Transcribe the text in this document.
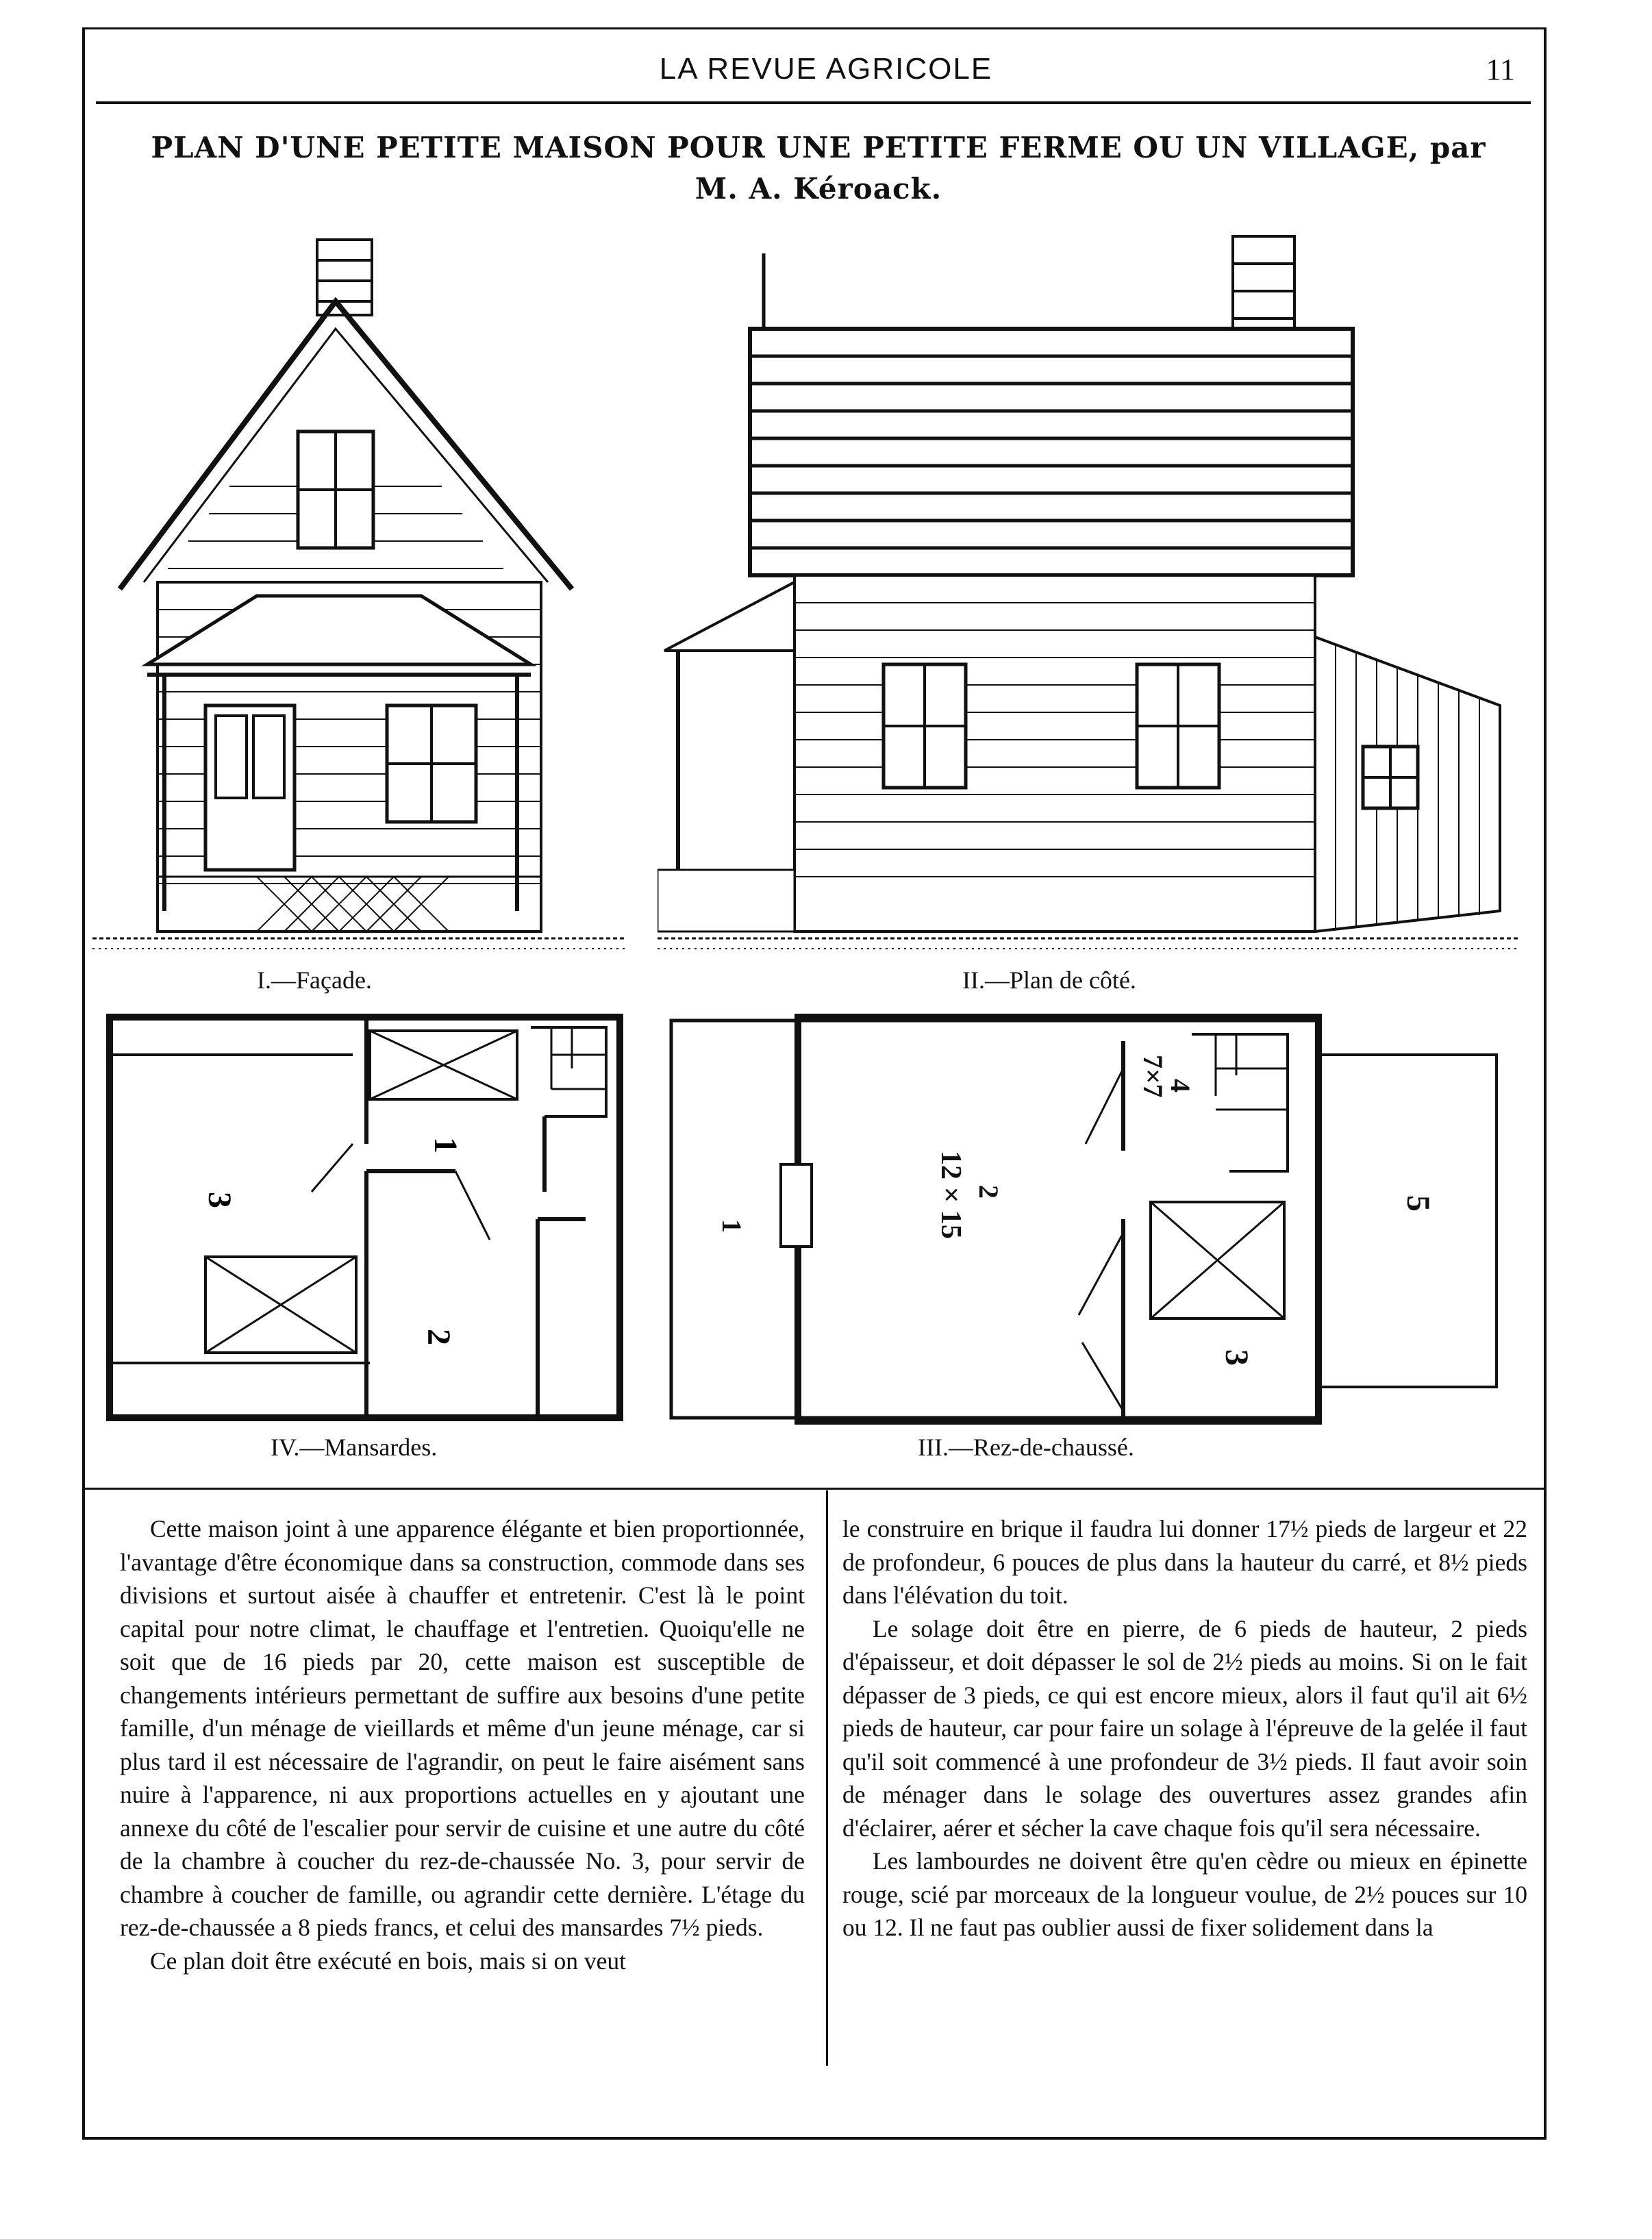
LA REVUE AGRICOLE	11
PLAN D'UNE PETITE MAISON POUR UNE PETITE FERME OU UN VILLAGE, par M. A. Kéroack.
I.—Façade.	II.—Plan de côté.
1
2
3
1	12 × 15 2
7×7
4
3
5
IV.—Mansardes.	III.—Rez-de-chaussé.

Cette maison joint à une apparence élégante et bien proportionnée, l'avantage d'être économique dans sa construction, commode dans ses divisions et surtout aisée à chauffer et entretenir. C'est là le point capital pour notre climat, le chauffage et l'entretien. Quoiqu'elle ne soit que de 16 pieds par 20, cette maison est susceptible de changements intérieurs permettant de suffire aux besoins d'une petite famille, d'un ménage de vieillards et même d'un jeune ménage, car si plus tard il est nécessaire de l'agrandir, on peut le faire aisément sans nuire à l'apparence, ni aux proportions actuelles en y ajoutant une annexe du côté de l'escalier pour servir de cuisine et une autre du côté de la chambre à coucher du rez-de-chaussée No. 3, pour servir de chambre à coucher de famille, ou agrandir cette dernière. L'étage du rez-de-chaussée a 8 pieds francs, et celui des mansardes 7½ pieds.

Ce plan doit être exécuté en bois, mais si on veut

le construire en brique il faudra lui donner 17½ pieds de largeur et 22 de profondeur, 6 pouces de plus dans la hauteur du carré, et 8½ pieds dans l'élévation du toit.

Le solage doit être en pierre, de 6 pieds de hauteur, 2 pieds d'épaisseur, et doit dépasser le sol de 2½ pieds au moins. Si on le fait dépasser de 3 pieds, ce qui est encore mieux, alors il faut qu'il ait 6½ pieds de hauteur, car pour faire un solage à l'épreuve de la gelée il faut qu'il soit commencé à une profondeur de 3½ pieds. Il faut avoir soin de ménager dans le solage des ouvertures assez grandes afin d'éclairer, aérer et sécher la cave chaque fois qu'il sera nécessaire.

Les lambourdes ne doivent être qu'en cèdre ou mieux en épinette rouge, scié par morceaux de la longueur voulue, de 2½ pouces sur 10 ou 12. Il ne faut pas oublier aussi de fixer solidement dans la
